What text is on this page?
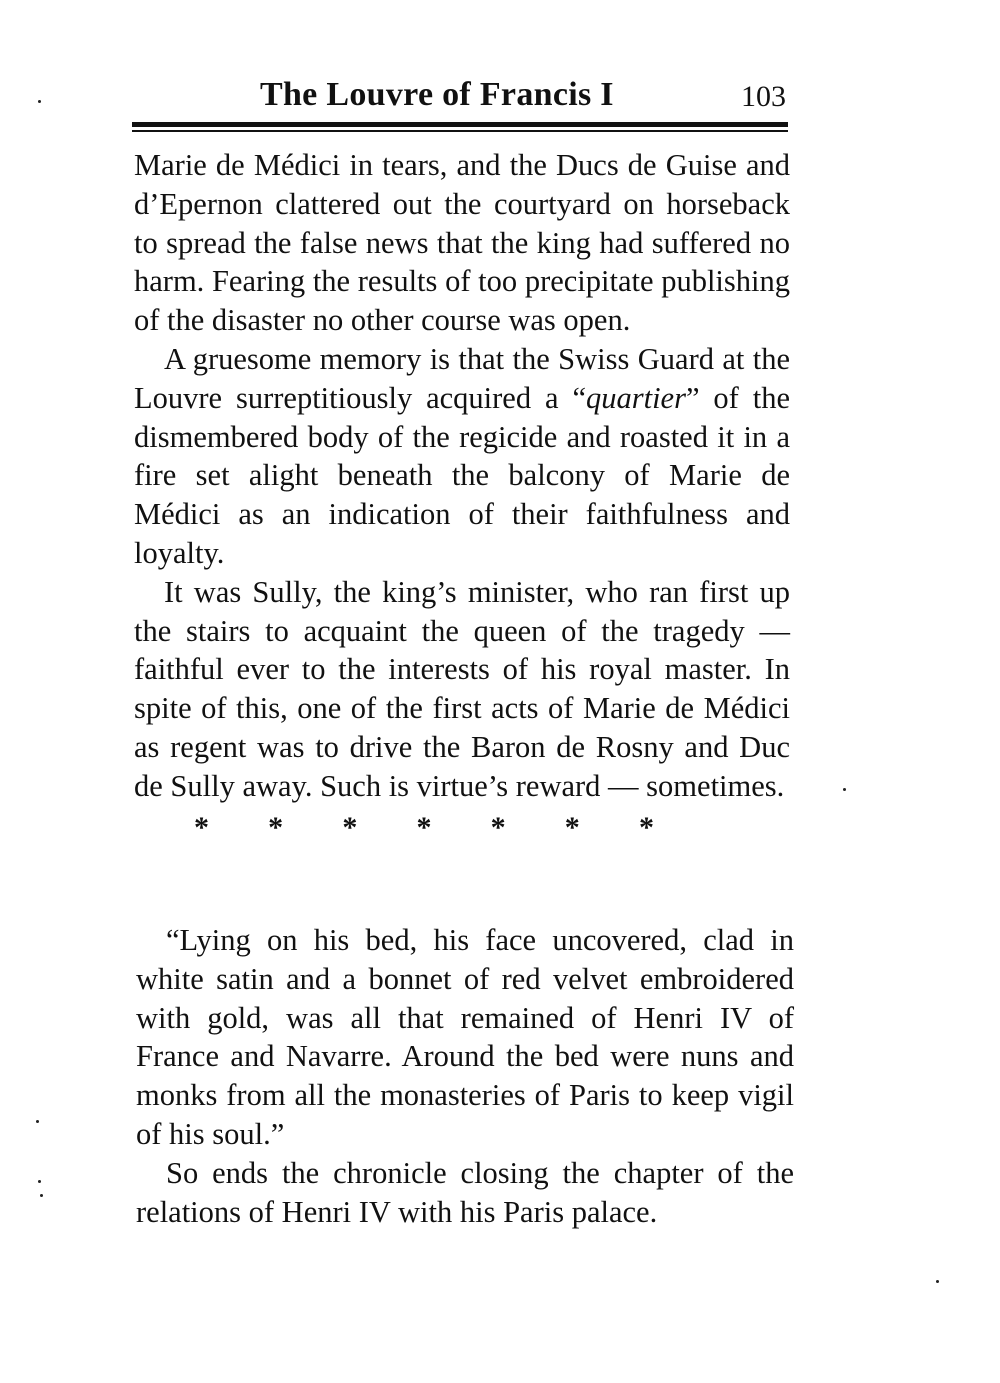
The Louvre of Francis I	103

Marie de Médici in tears, and the Ducs de Guise and d’Epernon clattered out the courtyard on horseback to spread the false news that the king had suffered no harm. Fearing the results of too precipitate publishing of the disaster no other course was open.

A gruesome memory is that the Swiss Guard at the Louvre surreptitiously acquired a “quartier” of the dismembered body of the regicide and roasted it in a fire set alight beneath the balcony of Marie de Médici as an indication of their faithfulness and loyalty.

It was Sully, the king’s minister, who ran first up the stairs to acquaint the queen of the tragedy — faithful ever to the interests of his royal master. In spite of this, one of the first acts of Marie de Médici as regent was to drive the Baron de Rosny and Duc de Sully away. Such is virtue’s reward — sometimes.

* * * * * * *

“Lying on his bed, his face uncovered, clad in white satin and a bonnet of red velvet embroidered with gold, was all that remained of Henri IV of France and Navarre. Around the bed were nuns and monks from all the monasteries of Paris to keep vigil of his soul.”

So ends the chronicle closing the chapter of the relations of Henri IV with his Paris palace.
